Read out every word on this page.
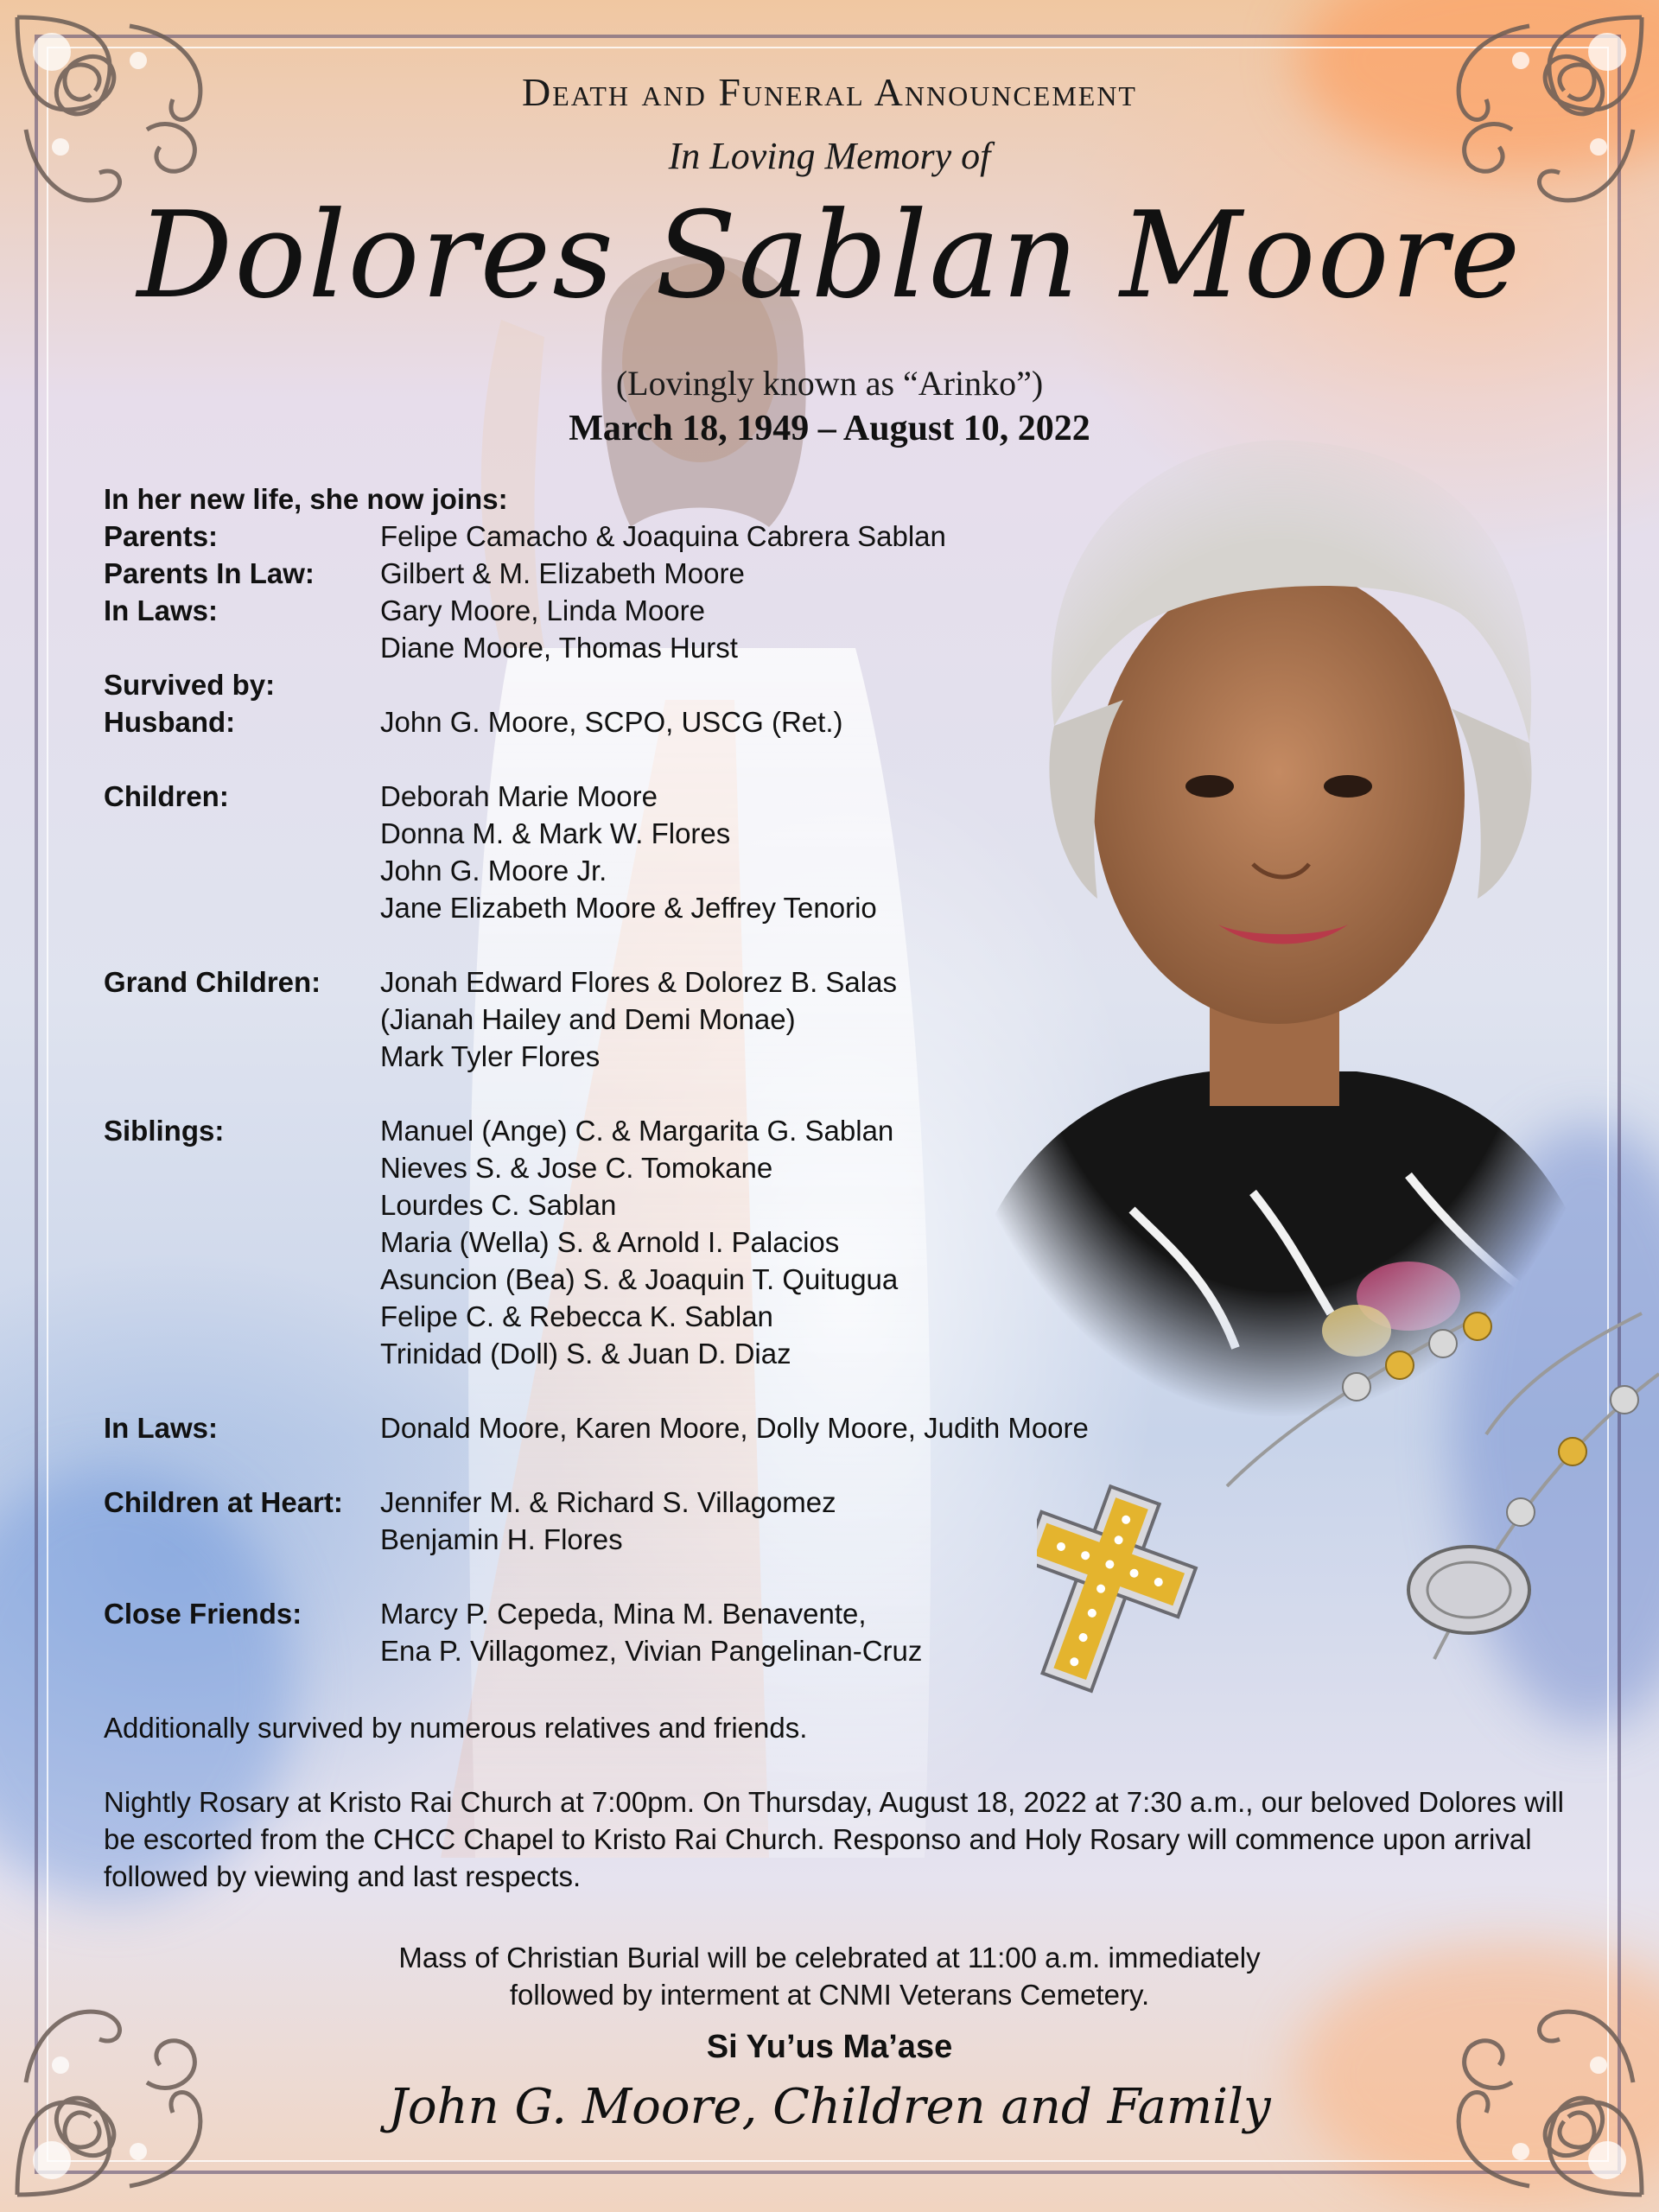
Death and Funeral Announcement
In Loving Memory of
Dolores Sablan Moore
(Lovingly known as “Arinko”)
March 18, 1949 – August 10, 2022
In her new life, she now joins:
Parents:	Felipe Camacho & Joaquina Cabrera Sablan
Parents In Law:	Gilbert & M. Elizabeth Moore
In Laws:	Gary Moore, Linda Moore
Diane Moore, Thomas Hurst
Survived by:
Husband:	John G. Moore, SCPO, USCG (Ret.)
Children:	Deborah Marie Moore
Donna M. & Mark W. Flores
John G. Moore Jr.
Jane Elizabeth Moore & Jeffrey Tenorio
Grand Children:	Jonah Edward Flores & Dolorez B. Salas
(Jianah Hailey and Demi Monae)
Mark Tyler Flores
Siblings:	Manuel (Ange) C. & Margarita G. Sablan
Nieves S. & Jose C. Tomokane
Lourdes C. Sablan
Maria (Wella) S. & Arnold I. Palacios
Asuncion (Bea) S. & Joaquin T. Quitugua
Felipe C. & Rebecca K. Sablan
Trinidad (Doll) S. & Juan D. Diaz
In Laws:	Donald Moore, Karen Moore, Dolly Moore, Judith Moore
Children at Heart:	Jennifer M. & Richard S. Villagomez
Benjamin H. Flores
Close Friends:	Marcy P. Cepeda, Mina M. Benavente,
Ena P. Villagomez, Vivian Pangelinan-Cruz

Additionally survived by numerous relatives and friends.

Nightly Rosary at Kristo Rai Church at 7:00pm. On Thursday, August 18, 2022 at 7:30 a.m., our beloved Dolores will be escorted from the CHCC Chapel to Kristo Rai Church. Responso and Holy Rosary will commence upon arrival followed by viewing and last respects.

Mass of Christian Burial will be celebrated at 11:00 a.m. immediately
followed by interment at CNMI Veterans Cemetery.
Si Yu’us Ma’ase
John G. Moore, Children and Family
